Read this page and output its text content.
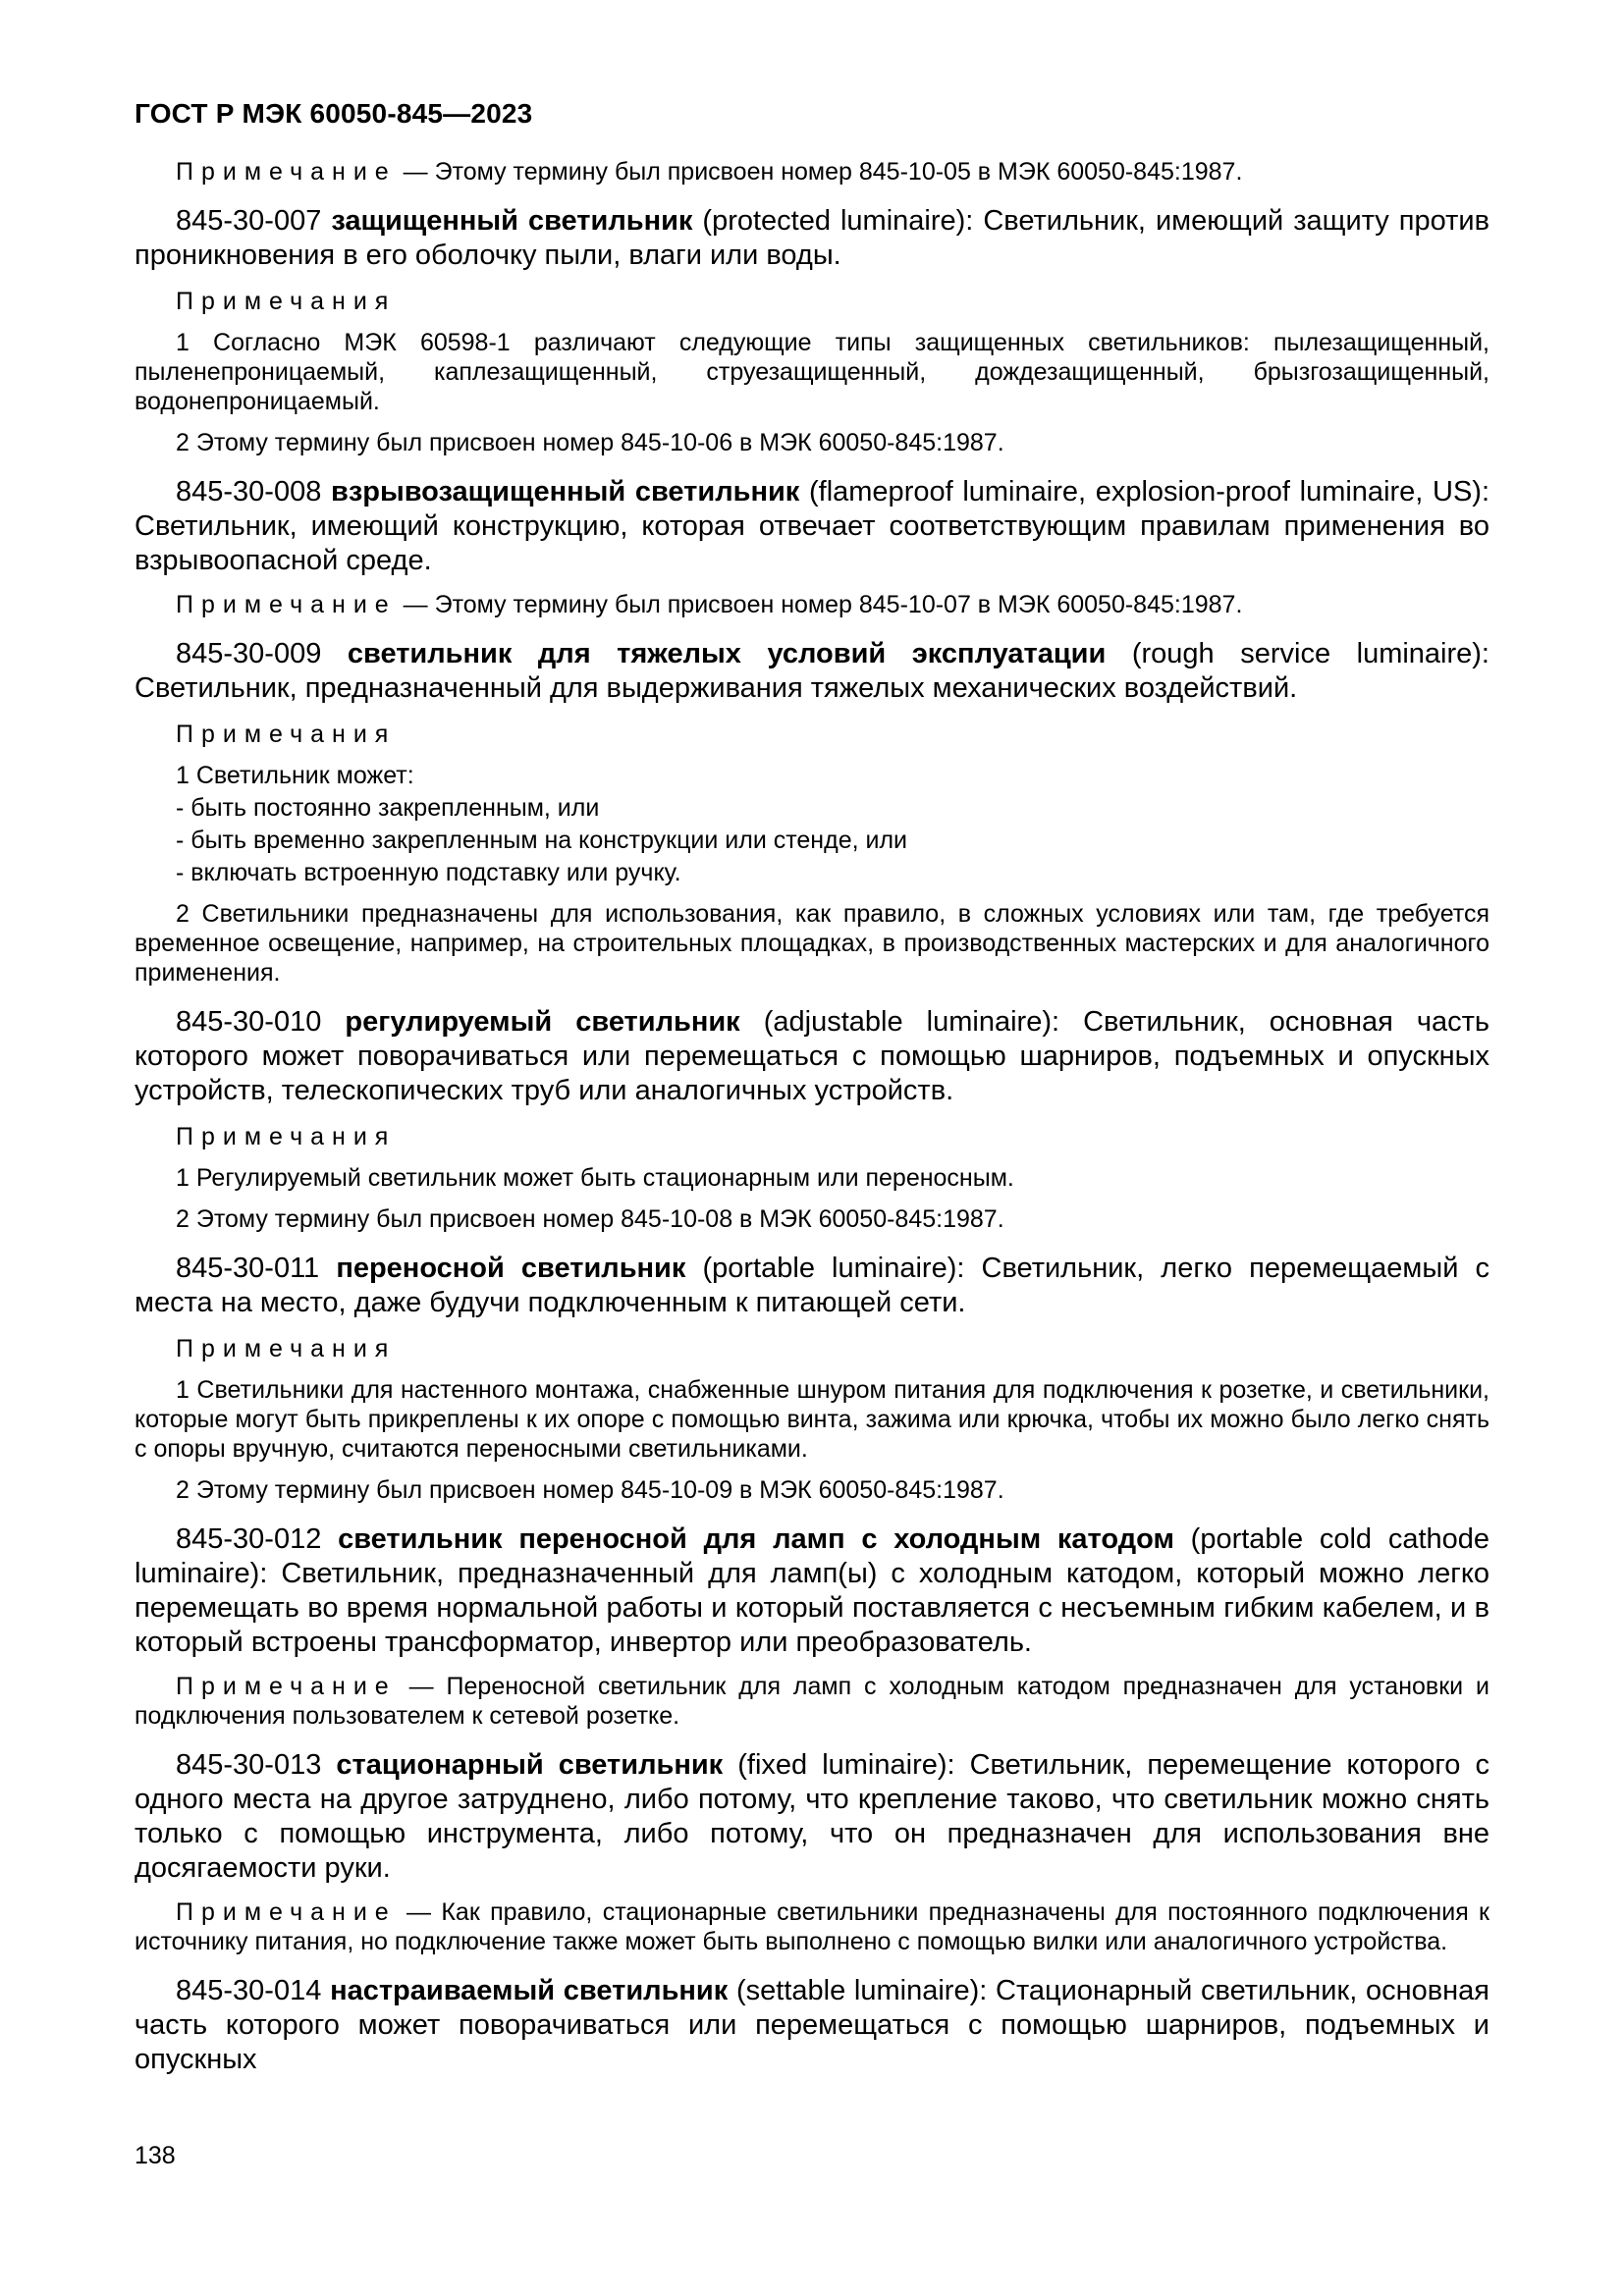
ГОСТ Р МЭК 60050-845—2023
Примечание — Этому термину был присвоен номер 845-10-05 в МЭК 60050-845:1987.
845-30-007 защищенный светильник (protected luminaire): Светильник, имеющий защиту против проникновения в его оболочку пыли, влаги или воды.
Примечания
1 Согласно МЭК 60598-1 различают следующие типы защищенных светильников: пылезащищенный, пыленепроницаемый, каплезащищенный, струезащищенный, дождезащищенный, брызгозащищенный, водонепроницаемый.
2 Этому термину был присвоен номер 845-10-06 в МЭК 60050-845:1987.
845-30-008 взрывозащищенный светильник (flameproof luminaire, explosion-proof luminaire, US): Светильник, имеющий конструкцию, которая отвечает соответствующим правилам применения во взрывоопасной среде.
Примечание — Этому термину был присвоен номер 845-10-07 в МЭК 60050-845:1987.
845-30-009 светильник для тяжелых условий эксплуатации (rough service luminaire): Светильник, предназначенный для выдерживания тяжелых механических воздействий.
Примечания
1 Светильник может:
- быть постоянно закрепленным, или
- быть временно закрепленным на конструкции или стенде, или
- включать встроенную подставку или ручку.
2 Светильники предназначены для использования, как правило, в сложных условиях или там, где требуется временное освещение, например, на строительных площадках, в производственных мастерских и для аналогичного применения.
845-30-010 регулируемый светильник (adjustable luminaire): Светильник, основная часть которого может поворачиваться или перемещаться с помощью шарниров, подъемных и опускных устройств, телескопических труб или аналогичных устройств.
Примечания
1 Регулируемый светильник может быть стационарным или переносным.
2 Этому термину был присвоен номер 845-10-08 в МЭК 60050-845:1987.
845-30-011 переносной светильник (portable luminaire): Светильник, легко перемещаемый с места на место, даже будучи подключенным к питающей сети.
Примечания
1 Светильники для настенного монтажа, снабженные шнуром питания для подключения к розетке, и светильники, которые могут быть прикреплены к их опоре с помощью винта, зажима или крючка, чтобы их можно было легко снять с опоры вручную, считаются переносными светильниками.
2 Этому термину был присвоен номер 845-10-09 в МЭК 60050-845:1987.
845-30-012 светильник переносной для ламп с холодным катодом (portable cold cathode luminaire): Светильник, предназначенный для ламп(ы) с холодным катодом, который можно легко перемещать во время нормальной работы и который поставляется с несъемным гибким кабелем, и в который встроены трансформатор, инвертор или преобразователь.
Примечание — Переносной светильник для ламп с холодным катодом предназначен для установки и подключения пользователем к сетевой розетке.
845-30-013 стационарный светильник (fixed luminaire): Светильник, перемещение которого с одного места на другое затруднено, либо потому, что крепление таково, что светильник можно снять только с помощью инструмента, либо потому, что он предназначен для использования вне досягаемости руки.
Примечание — Как правило, стационарные светильники предназначены для постоянного подключения к источнику питания, но подключение также может быть выполнено с помощью вилки или аналогичного устройства.
845-30-014 настраиваемый светильник (settable luminaire): Стационарный светильник, основная часть которого может поворачиваться или перемещаться с помощью шарниров, подъемных и опускных
138
